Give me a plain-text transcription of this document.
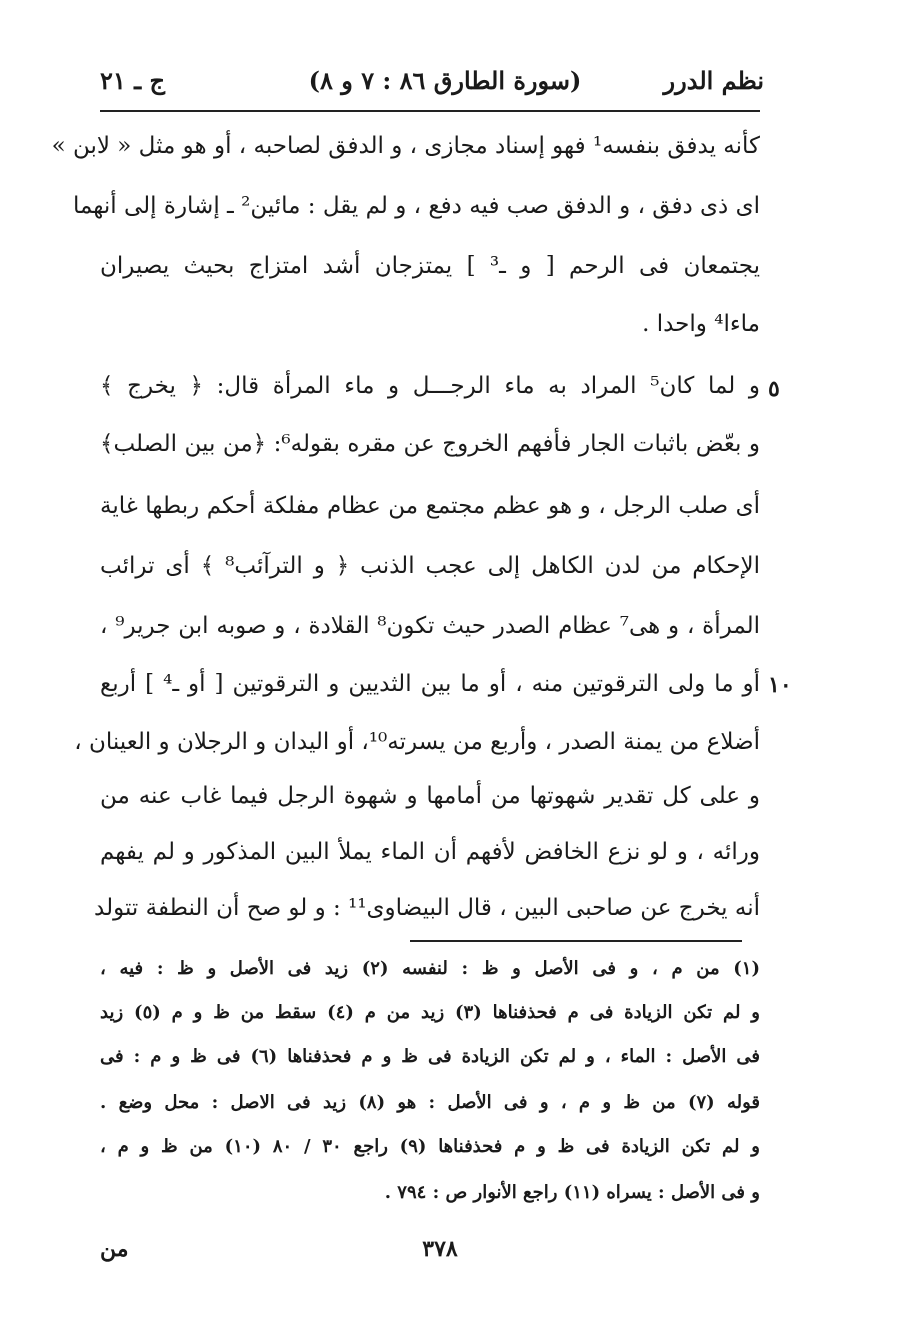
نظم الدرر
(سورة الطارق ٨٦ : ٧ و ٨)
ج ـ ٢١
كأنه يدفق بنفسه¹ فهو إسناد مجازى ، و الدفق لصاحبه ، أو هو مثل « لابن »
اى ذى دفق ، و الدفق صب فيه دفع ، و لم يقل : مائين² ـ إشارة إلى أنهما
يجتمعان فى الرحم [ و ـ³ ] يمتزجان أشد امتزاج بحيث يصيران
ماءا⁴ واحدا .
و لما كان⁵ المراد به ماء الرجـــل و ماء المرأة قال: ﴿ يخرج ﴾
و بعّض باثبات الجار فأفهم الخروج عن مقره بقوله⁶: ﴿من بين الصلب﴾
أى صلب الرجل ، و هو عظم مجتمع من عظام مفلكة أحكم ربطها غاية
الإحكام من لدن الكاهل إلى عجب الذنب ﴿ و الترآئب⁸ ﴾ أى ترائب
المرأة ، و هى⁷ عظام الصدر حيث تكون⁸ القلادة ، و صوبه ابن جرير⁹ ،
أو ما ولى الترقوتين منه ، أو ما بين الثديين و الترقوتين [ أو ـ⁴ ] أربع
أضلاع من يمنة الصدر ، وأربع من يسرته¹⁰، أو اليدان و الرجلان و العينان ،
و على كل تقدير شهوتها من أمامها و شهوة الرجل فيما غاب عنه من
ورائه ، و لو نزع الخافض لأفهم أن الماء يملأ البين المذكور و لم يفهم
أنه يخرج عن صاحبى البين ، قال البيضاوى¹¹ : و لو صح أن النطفة تتولد
٥
١٠
(١) من م ، و فى الأصل و ظ : لنفسه (٢) زيد فى الأصل و ظ : فيه ،
و لم تكن الزيادة فى م فحذفناها (٣) زيد من م (٤) سقط من ظ و م (٥) زيد
فى الأصل : الماء ، و لم تكن الزيادة فى ظ و م فحذفناها (٦) فى ظ و م : فى
قوله (٧) من ظ و م ، و فى الأصل : هو (٨) زيد فى الاصل : محل وضع .
و لم تكن الزيادة فى ظ و م فحذفناها (٩) راجع ٣٠ / ٨٠ (١٠) من ظ و م ،
و فى الأصل : يسراه (١١) راجع الأنوار ص : ٧٩٤ .
٣٧٨
من
